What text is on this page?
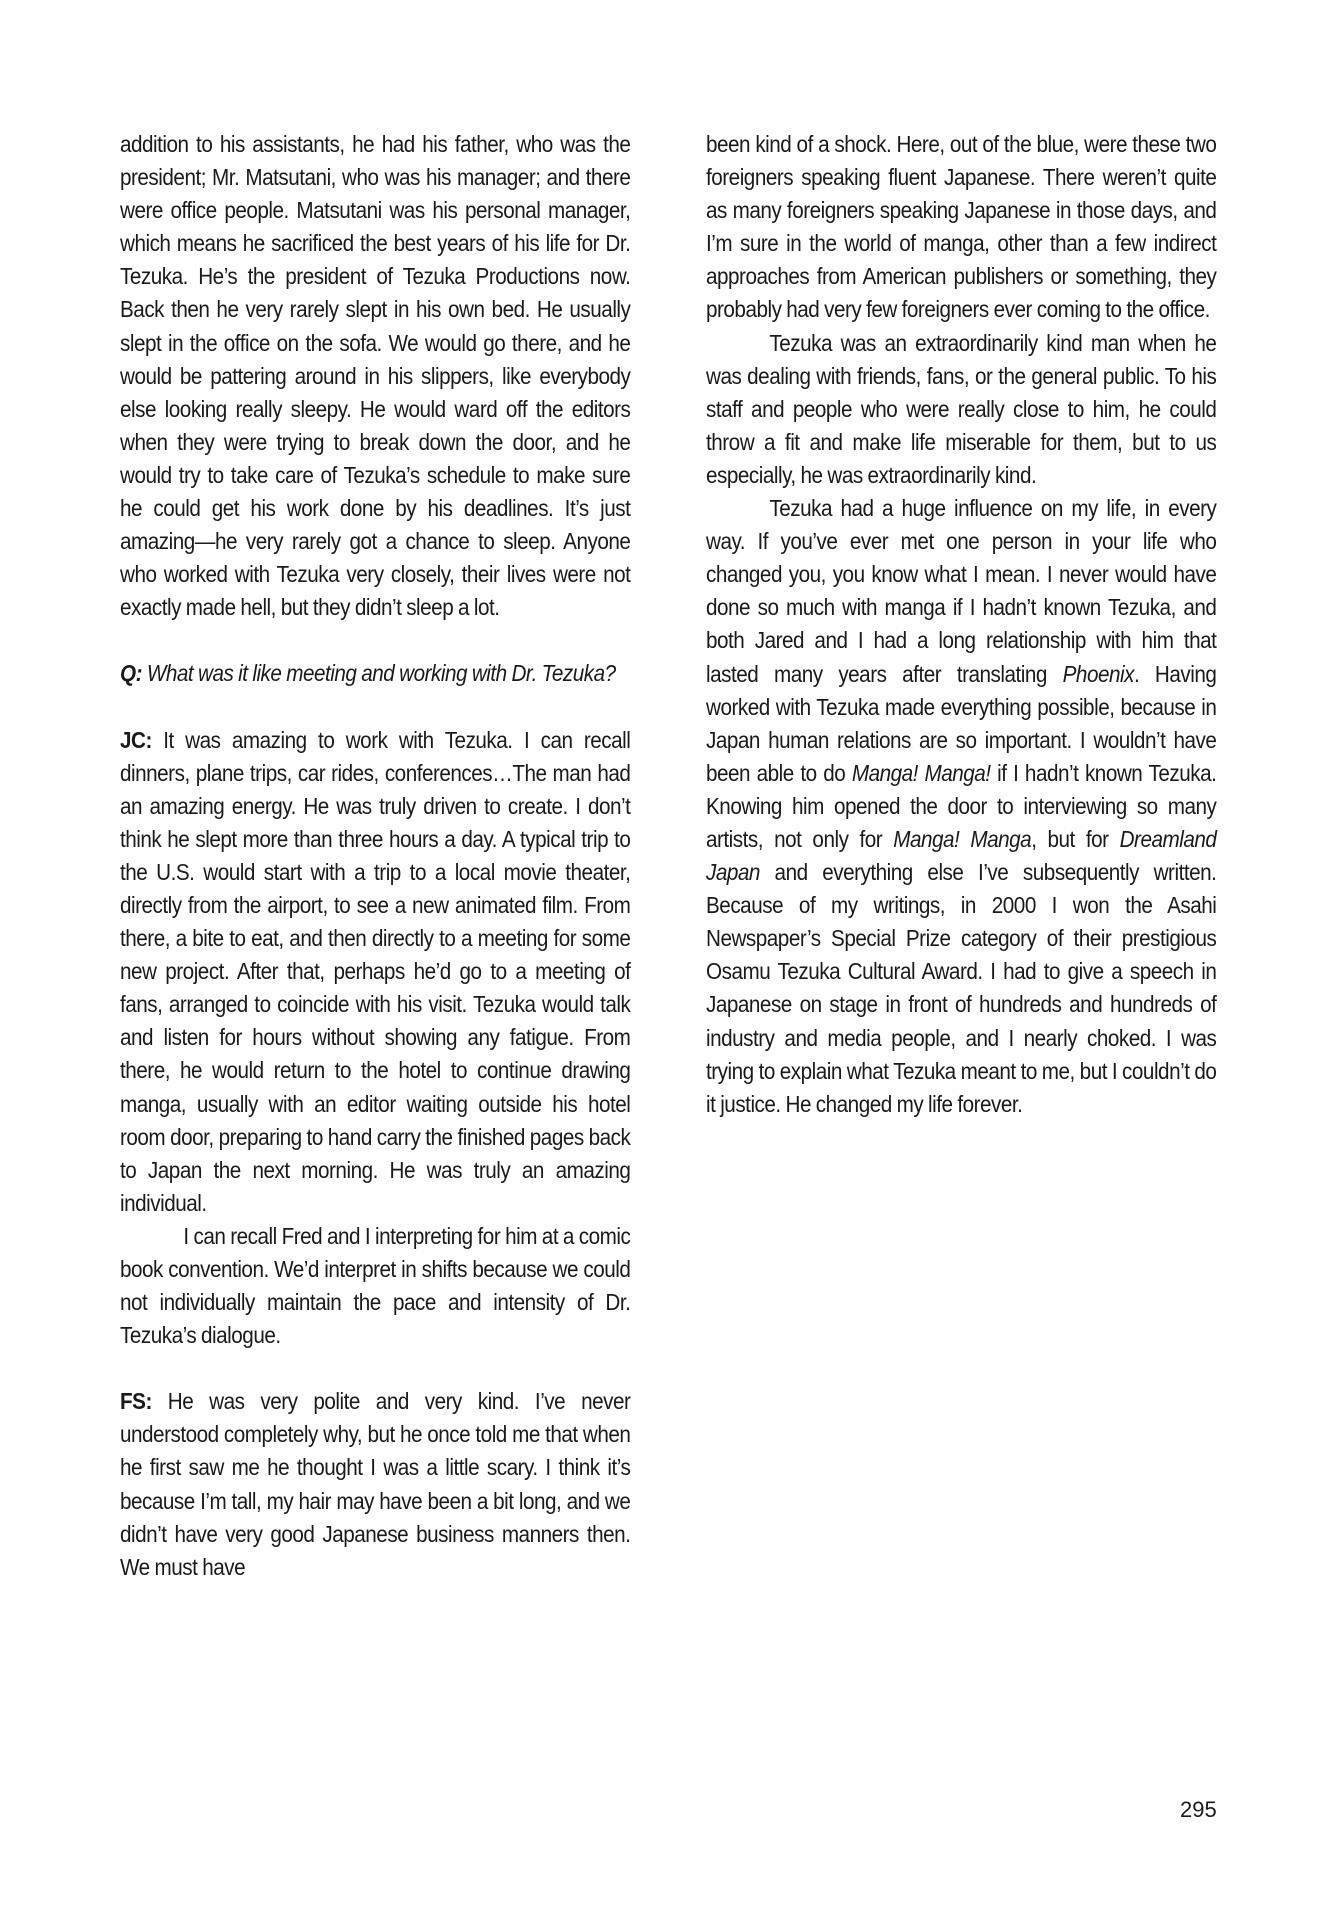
addition to his assistants, he had his father, who was the president; Mr. Matsutani, who was his manager; and there were office people. Matsutani was his personal manager, which means he sacrificed the best years of his life for Dr. Tezuka. He’s the president of Tezuka Productions now. Back then he very rarely slept in his own bed. He usually slept in the office on the sofa. We would go there, and he would be pattering around in his slippers, like everybody else looking really sleepy. He would ward off the editors when they were trying to break down the door, and he would try to take care of Tezuka’s schedule to make sure he could get his work done by his deadlines. It’s just amazing—he very rarely got a chance to sleep. Anyone who worked with Tezuka very closely, their lives were not exactly made hell, but they didn’t sleep a lot.

Q: What was it like meeting and working with Dr. Tezuka?

JC: It was amazing to work with Tezuka. I can recall dinners, plane trips, car rides, conferences…The man had an amazing energy. He was truly driven to create. I don’t think he slept more than three hours a day. A typical trip to the U.S. would start with a trip to a local movie theater, directly from the airport, to see a new animated film. From there, a bite to eat, and then directly to a meeting for some new project. After that, perhaps he’d go to a meeting of fans, arranged to coincide with his visit. Tezuka would talk and listen for hours without showing any fatigue. From there, he would return to the hotel to continue drawing manga, usually with an editor waiting outside his hotel room door, preparing to hand carry the finished pages back to Japan the next morning. He was truly an amazing individual.

I can recall Fred and I interpreting for him at a comic book convention. We’d interpret in shifts because we could not individually maintain the pace and intensity of Dr. Tezuka’s dialogue.

FS: He was very polite and very kind. I’ve never understood completely why, but he once told me that when he first saw me he thought I was a little scary. I think it’s because I’m tall, my hair may have been a bit long, and we didn’t have very good Japanese business manners then. We must have

been kind of a shock. Here, out of the blue, were these two foreigners speaking fluent Japanese. There weren’t quite as many foreigners speaking Japanese in those days, and I’m sure in the world of manga, other than a few indirect approaches from American publishers or something, they probably had very few foreigners ever coming to the office.

Tezuka was an extraordinarily kind man when he was dealing with friends, fans, or the general public. To his staff and people who were really close to him, he could throw a fit and make life miserable for them, but to us especially, he was extraordinarily kind.

Tezuka had a huge influence on my life, in every way. If you’ve ever met one person in your life who changed you, you know what I mean. I never would have done so much with manga if I hadn’t known Tezuka, and both Jared and I had a long relationship with him that lasted many years after translating Phoenix. Having worked with Tezuka made everything possible, because in Japan human relations are so important. I wouldn’t have been able to do Manga! Manga! if I hadn’t known Tezuka. Knowing him opened the door to interviewing so many artists, not only for Manga! Manga, but for Dreamland Japan and everything else I’ve subsequently written. Because of my writings, in 2000 I won the Asahi Newspaper’s Special Prize category of their prestigious Osamu Tezuka Cultural Award. I had to give a speech in Japanese on stage in front of hundreds and hundreds of industry and media people, and I nearly choked. I was trying to explain what Tezuka meant to me, but I couldn’t do it justice. He changed my life forever.

295
